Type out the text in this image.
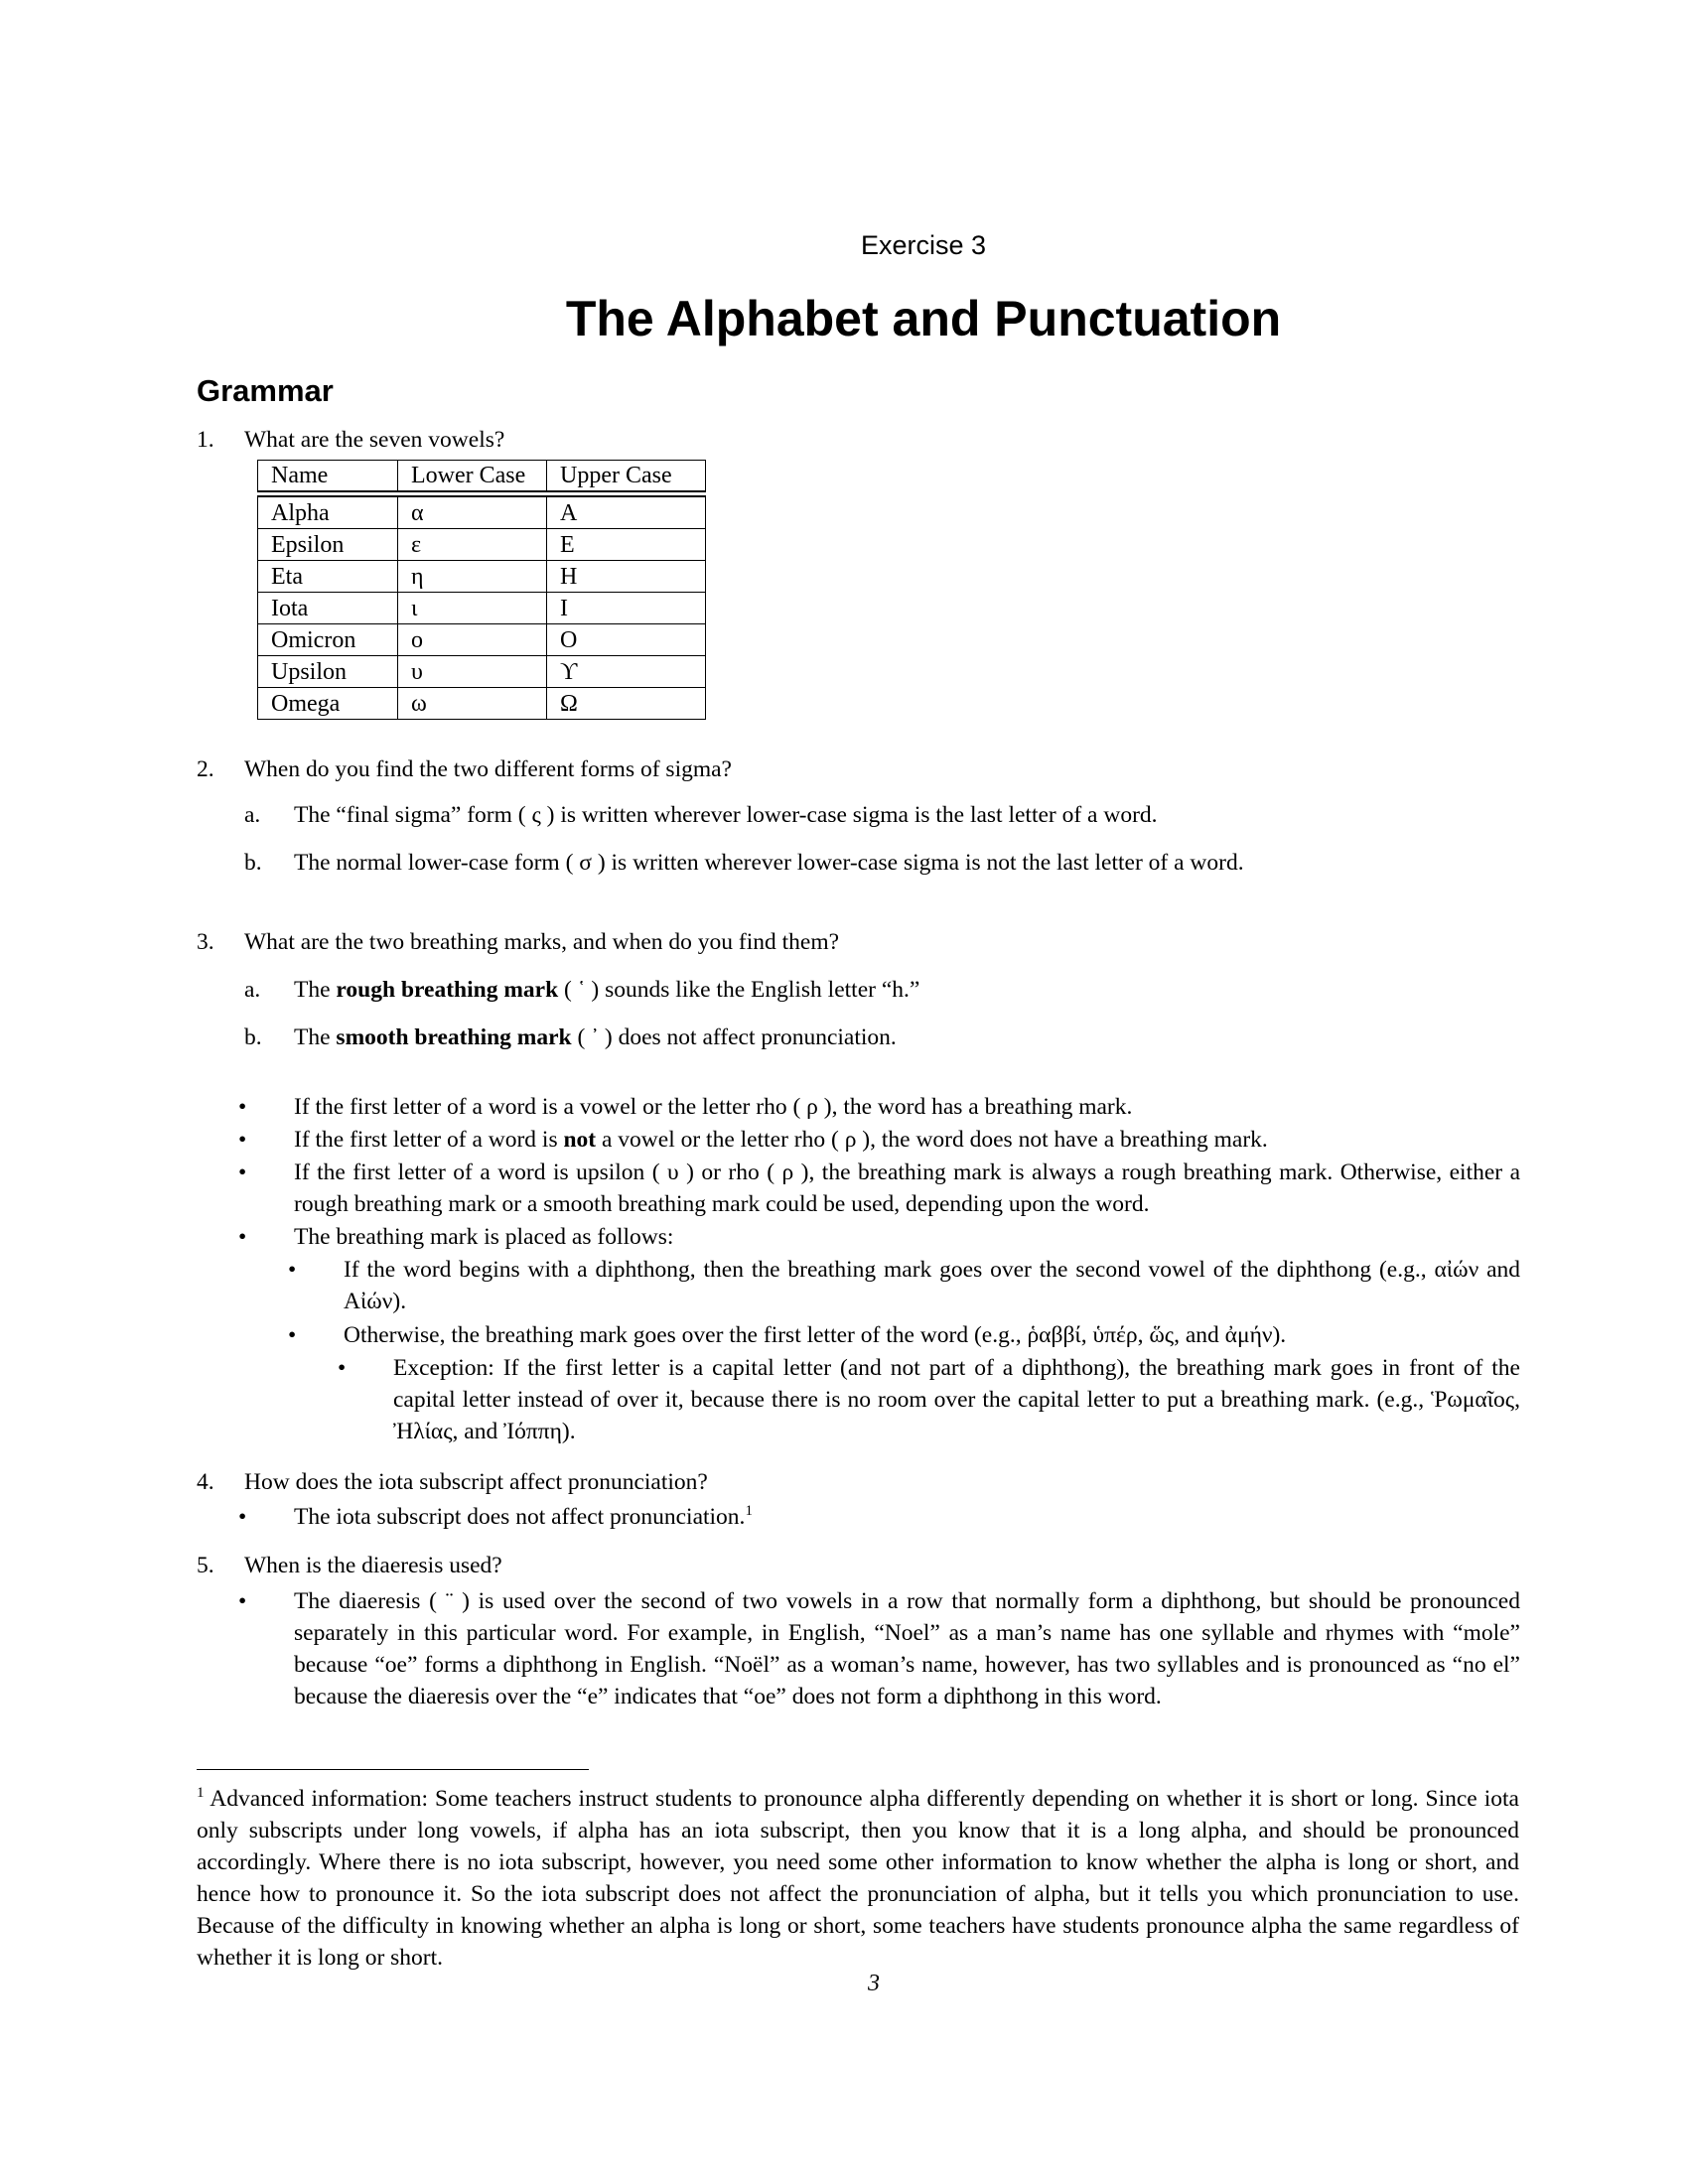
Exercise 3
The Alphabet and Punctuation
Grammar
1. What are the seven vowels?
Name	Lower Case	Upper Case
Alpha	α	Α
Epsilon	ε	Ε
Eta	η	Η
Iota	ι	Ι
Omicron	ο	Ο
Upsilon	υ	ϒ
Omega	ω	Ω
2. When do you find the two different forms of sigma?
a. The “final sigma” form ( ς ) is written wherever lower-case sigma is the last letter of a word.
b. The normal lower-case form ( σ ) is written wherever lower-case sigma is not the last letter of a word.
3. What are the two breathing marks, and when do you find them?
a. The rough breathing mark ( ῾ ) sounds like the English letter “h.”
b. The smooth breathing mark ( ᾿ ) does not affect pronunciation.
• If the first letter of a word is a vowel or the letter rho ( ρ ), the word has a breathing mark.
• If the first letter of a word is not a vowel or the letter rho ( ρ ), the word does not have a breathing mark.
• If the first letter of a word is upsilon ( υ ) or rho ( ρ ), the breathing mark is always a rough breathing mark. Otherwise, either a rough breathing mark or a smooth breathing mark could be used, depending upon the word.
• The breathing mark is placed as follows:
• If the word begins with a diphthong, then the breathing mark goes over the second vowel of the diphthong (e.g., αἰών and Αἰών).
• Otherwise, the breathing mark goes over the first letter of the word (e.g., ῥαββί, ὑπέρ, ὥς, and ἀμήν).
• Exception: If the first letter is a capital letter (and not part of a diphthong), the breathing mark goes in front of the capital letter instead of over it, because there is no room over the capital letter to put a breathing mark. (e.g., Ῥωμαῖος, Ἠλίας, and Ἰόππη).
4. How does the iota subscript affect pronunciation?
• The iota subscript does not affect pronunciation.$^1$
5. When is the diaeresis used?
• The diaeresis ( ¨ ) is used over the second of two vowels in a row that normally form a diphthong, but should be pronounced separately in this particular word. For example, in English, “Noel” as a man’s name has one syllable and rhymes with “mole” because “oe” forms a diphthong in English. “Noël” as a woman’s name, however, has two syllables and is pronounced as “no el” because the diaeresis over the “e” indicates that “oe” does not form a diphthong in this word.
$^1$ Advanced information: Some teachers instruct students to pronounce alpha differently depending on whether it is short or long. Since iota only subscripts under long vowels, if alpha has an iota subscript, then you know that it is a long alpha, and should be pronounced accordingly. Where there is no iota subscript, however, you need some other information to know whether the alpha is long or short, and hence how to pronounce it. So the iota subscript does not affect the pronunciation of alpha, but it tells you which pronunciation to use. Because of the difficulty in knowing whether an alpha is long or short, some teachers have students pronounce alpha the same regardless of whether it is long or short.
3
